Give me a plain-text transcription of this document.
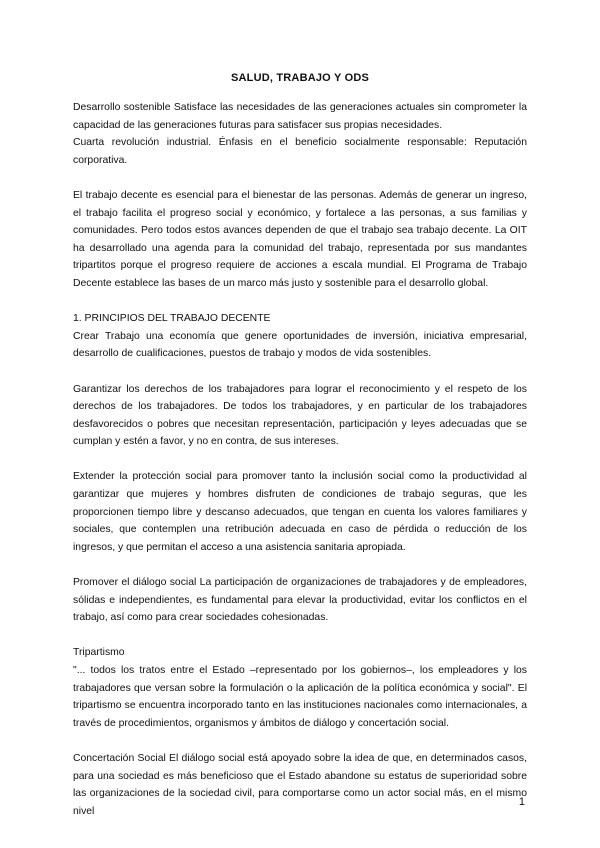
SALUD, TRABAJO Y ODS

Desarrollo sostenible Satisface las necesidades de las generaciones actuales sin comprometer la capacidad de las generaciones futuras para satisfacer sus propias necesidades.

Cuarta revolución industrial. Énfasis en el beneficio socialmente responsable: Reputación corporativa.

El trabajo decente es esencial para el bienestar de las personas. Además de generar un ingreso, el trabajo facilita el progreso social y económico, y fortalece a las personas, a sus familias y comunidades. Pero todos estos avances dependen de que el trabajo sea trabajo decente. La OIT ha desarrollado una agenda para la comunidad del trabajo, representada por sus mandantes tripartitos porque el progreso requiere de acciones a escala mundial. El Programa de Trabajo Decente establece las bases de un marco más justo y sostenible para el desarrollo global.

1. PRINCIPIOS DEL TRABAJO DECENTE

Crear Trabajo una economía que genere oportunidades de inversión, iniciativa empresarial, desarrollo de cualificaciones, puestos de trabajo y modos de vida sostenibles.

Garantizar los derechos de los trabajadores para lograr el reconocimiento y el respeto de los derechos de los trabajadores. De todos los trabajadores, y en particular de los trabajadores desfavorecidos o pobres que necesitan representación, participación y leyes adecuadas que se cumplan y estén a favor, y no en contra, de sus intereses.

Extender la protección social para promover tanto la inclusión social como la productividad al garantizar que mujeres y hombres disfruten de condiciones de trabajo seguras, que les proporcionen tiempo libre y descanso adecuados, que tengan en cuenta los valores familiares y sociales, que contemplen una retribución adecuada en caso de pérdida o reducción de los ingresos, y que permitan el acceso a una asistencia sanitaria apropiada.

Promover el diálogo social La participación de organizaciones de trabajadores y de empleadores, sólidas e independientes, es fundamental para elevar la productividad, evitar los conflictos en el trabajo, así como para crear sociedades cohesionadas.

Tripartismo

"... todos los tratos entre el Estado –representado por los gobiernos–, los empleadores y los trabajadores que versan sobre la formulación o la aplicación de la política económica y social". El tripartismo se encuentra incorporado tanto en las instituciones nacionales como internacionales, a través de procedimientos, organismos y ámbitos de diálogo y concertación social.

Concertación Social El diálogo social está apoyado sobre la idea de que, en determinados casos, para una sociedad es más beneficioso que el Estado abandone su estatus de superioridad sobre las organizaciones de la sociedad civil, para comportarse como un actor social más, en el mismo nivel

1
